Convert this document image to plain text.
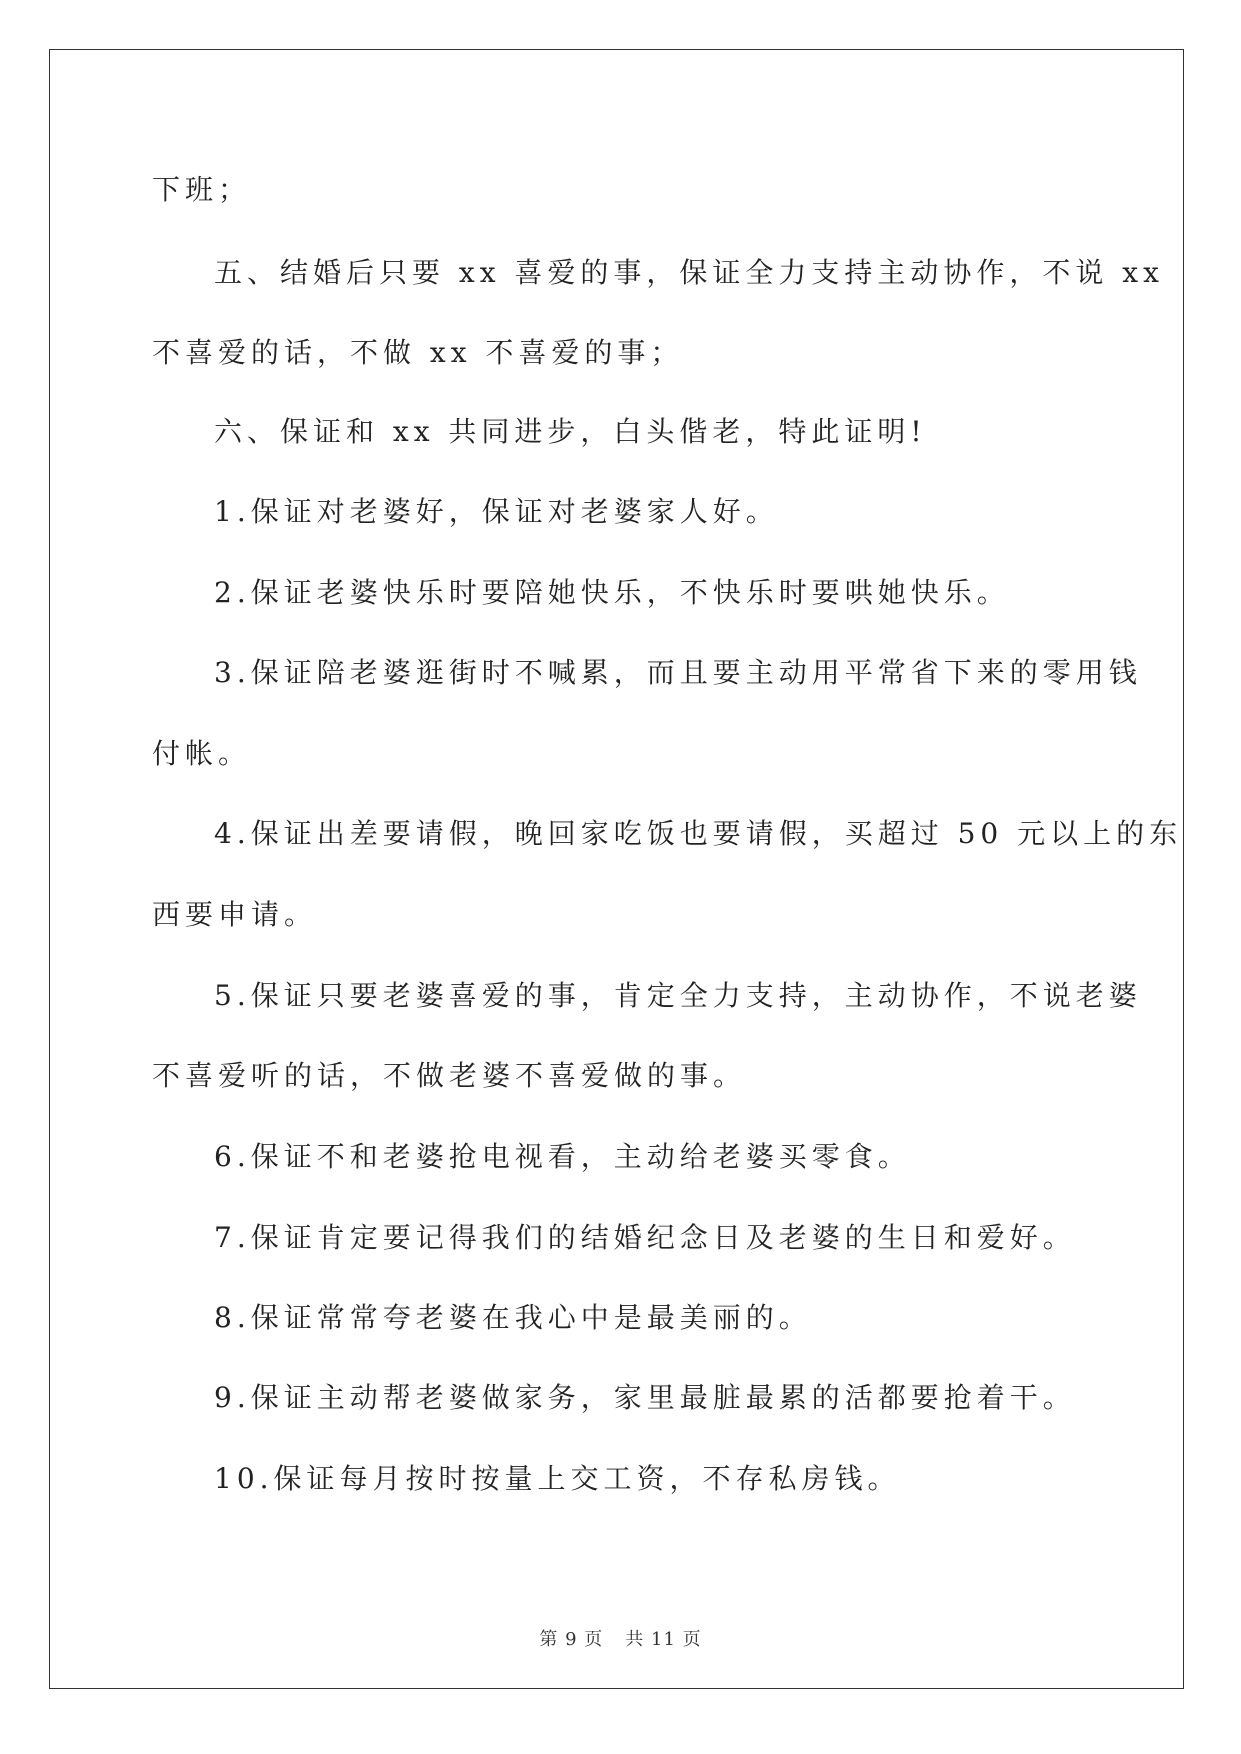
下班；
五、结婚后只要 xx 喜爱的事，保证全力支持主动协作，不说 xx
不喜爱的话，不做 xx 不喜爱的事；
六、保证和 xx 共同进步，白头偕老，特此证明!
1.保证对老婆好，保证对老婆家人好。
2.保证老婆快乐时要陪她快乐，不快乐时要哄她快乐。
3.保证陪老婆逛街时不喊累，而且要主动用平常省下来的零用钱
付帐。
4.保证出差要请假，晚回家吃饭也要请假，买超过 50 元以上的东
西要申请。
5.保证只要老婆喜爱的事，肯定全力支持，主动协作，不说老婆
不喜爱听的话，不做老婆不喜爱做的事。
6.保证不和老婆抢电视看，主动给老婆买零食。
7.保证肯定要记得我们的结婚纪念日及老婆的生日和爱好。
8.保证常常夸老婆在我心中是最美丽的。
9.保证主动帮老婆做家务，家里最脏最累的活都要抢着干。
10.保证每月按时按量上交工资，不存私房钱。
第 9 页 共 11 页
